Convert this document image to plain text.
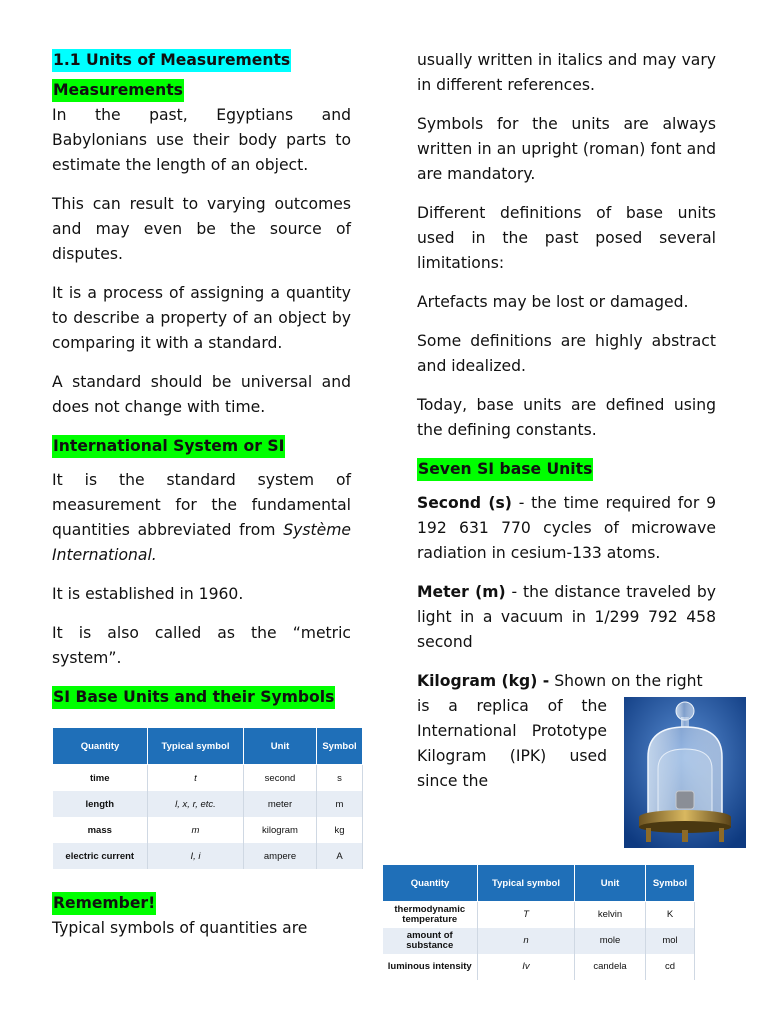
1.1 Units of Measurements
Measurements

In the past, Egyptians and Babylonians use their body parts to estimate the length of an object.

This can result to varying outcomes and may even be the source of disputes.

It is a process of assigning a quantity to describe a property of an object by comparing it with a standard.

A standard should be universal and does not change with time.

International System or SI

It is the standard system of measurement for the fundamental quantities abbreviated from Système International.

It is established in 1960.

It is also called as the “metric system”.

SI Base Units and their Symbols
Quantity	Typical symbol	Unit	Symbol
time	t	second	s
length	l, x, r, etc.	meter	m
mass	m	kilogram	kg
electric current	I, i	ampere	A
Remember!

Typical symbols of quantities are

usually written in italics and may vary in different references.

Symbols for the units are always written in an upright (roman) font and are mandatory.

Different definitions of base units used in the past posed several limitations:

Artefacts may be lost or damaged.

Some definitions are highly abstract and idealized.

Today, base units are defined using the defining constants.

Seven SI base Units

Second (s) - the time required for 9 192 631 770 cycles of microwave radiation in cesium-133 atoms.

Meter (m) - the distance traveled by light in a vacuum in 1/299 792 458 second

Kilogram (kg) - Shown on the right

is a replica of the International Prototype Kilogram (IPK) used since the

Quantity	Typical symbol	Unit	Symbol
thermodynamic temperature	T	kelvin	K
amount of substance	n	mole	mol
luminous intensity	Iv	candela	cd
